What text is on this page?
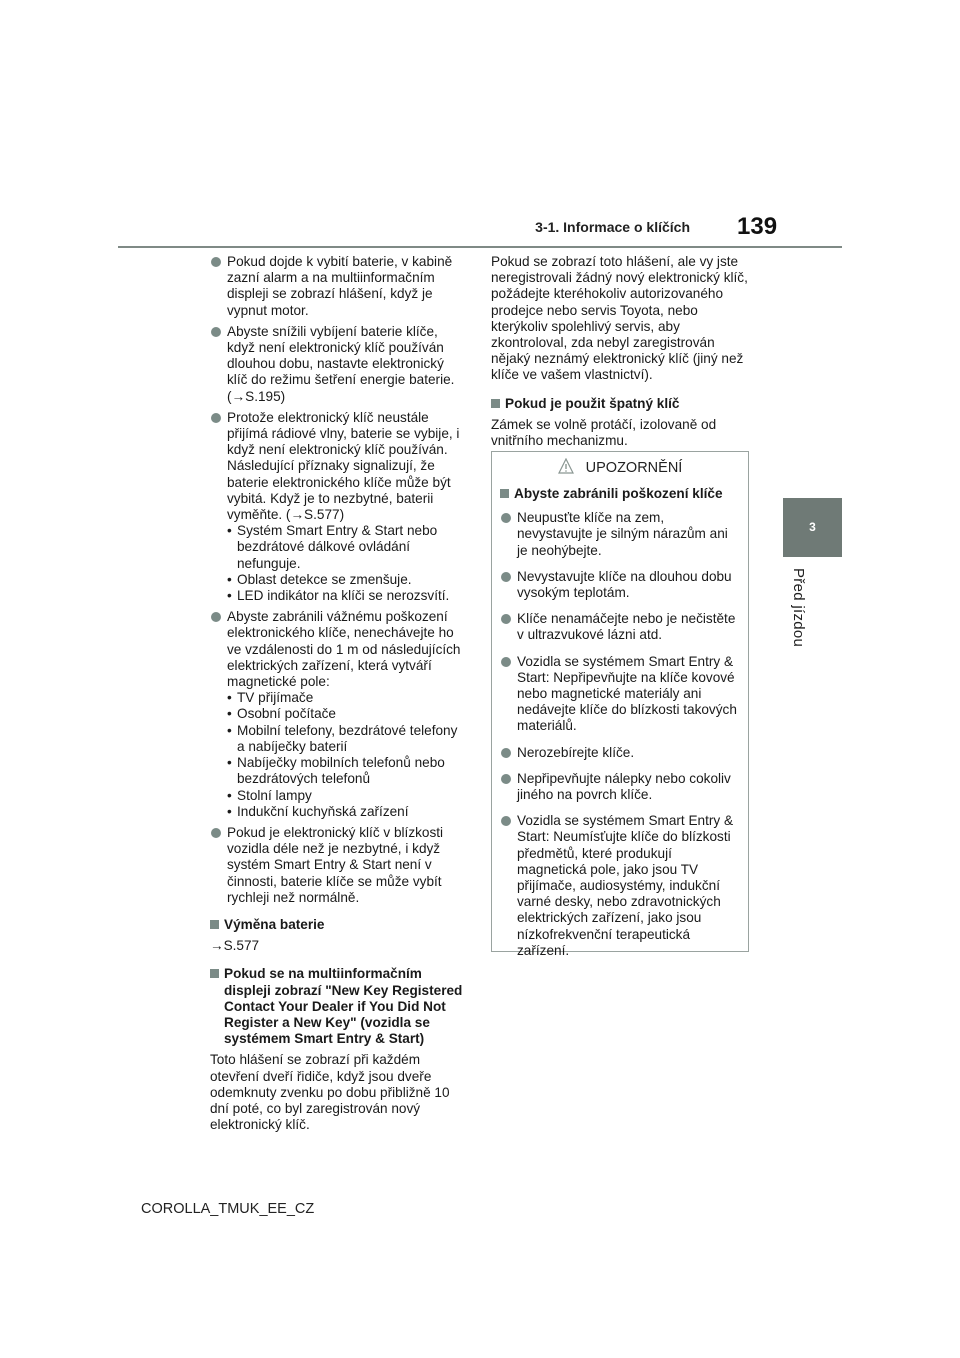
3-1. Informace o klíčích 139
3
Před jízdou
Pokud dojde k vybití baterie, v kabině zazní alarm a na multiinformačním displeji se zobrazí hlášení, když je vypnut motor.
Abyste snížili vybíjení baterie klíče, když není elektronický klíč používán dlouhou dobu, nastavte elektronický klíč do režimu šetření energie baterie. (→S.195)
Protože elektronický klíč neustále přijímá rádiové vlny, baterie se vybije, i když není elektronický klíč používán. Následující příznaky signalizují, že baterie elektronického klíče může být vybitá. Když je to nezbytné, baterii vyměňte. (→S.577)
• Systém Smart Entry & Start nebo bezdrátové dálkové ovládání nefunguje.
• Oblast detekce se zmenšuje.
• LED indikátor na klíči se nerozsvítí.
Abyste zabránili vážnému poškození elektronického klíče, nenechávejte ho ve vzdálenosti do 1 m od následujících elektrických zařízení, která vytváří magnetické pole:
• TV přijímače
• Osobní počítače
• Mobilní telefony, bezdrátové telefony a nabíječky baterií
• Nabíječky mobilních telefonů nebo bezdrátových telefonů
• Stolní lampy
• Indukční kuchyňská zařízení
Pokud je elektronický klíč v blízkosti vozidla déle než je nezbytné, i když systém Smart Entry & Start není v činnosti, baterie klíče se může vybít rychleji než normálně.
Výměna baterie

→S.577

Pokud se na multiinformačním displeji zobrazí "New Key Registered Contact Your Dealer if You Did Not Register a New Key" (vozidla se systémem Smart Entry & Start)

Toto hlášení se zobrazí při každém otevření dveří řidiče, když jsou dveře odemknuty zvenku po dobu přibližně 10 dní poté, co byl zaregistrován nový elektronický klíč.

Pokud se zobrazí toto hlášení, ale vy jste neregistrovali žádný nový elektronický klíč, požádejte kteréhokoliv autorizovaného prodejce nebo servis Toyota, nebo kterýkoliv spolehlivý servis, aby zkontroloval, zda nebyl zaregistrován nějaký neznámý elektronický klíč (jiný než klíče ve vašem vlastnictví).

Pokud je použit špatný klíč

Zámek se volně protáčí, izolovaně od vnitřního mechanizmu.

UPOZORNĚNÍ
Abyste zabránili poškození klíče
Neupusťte klíče na zem, nevystavujte je silným nárazům ani je neohýbejte.
Nevystavujte klíče na dlouhou dobu vysokým teplotám.
Klíče nenamáčejte nebo je nečistěte v ultrazvukové lázni atd.
Vozidla se systémem Smart Entry & Start: Nepřipevňujte na klíče kovové nebo magnetické materiály ani nedávejte klíče do blízkosti takových materiálů.
Nerozebírejte klíče.
Nepřipevňujte nálepky nebo cokoliv jiného na povrch klíče.
Vozidla se systémem Smart Entry & Start: Neumísťujte klíče do blízkosti předmětů, které produkují magnetická pole, jako jsou TV přijímače, audiosystémy, indukční varné desky, nebo zdravotnických elektrických zařízení, jako jsou nízkofrekvenční terapeutická zařízení.
COROLLA_TMUK_EE_CZ
